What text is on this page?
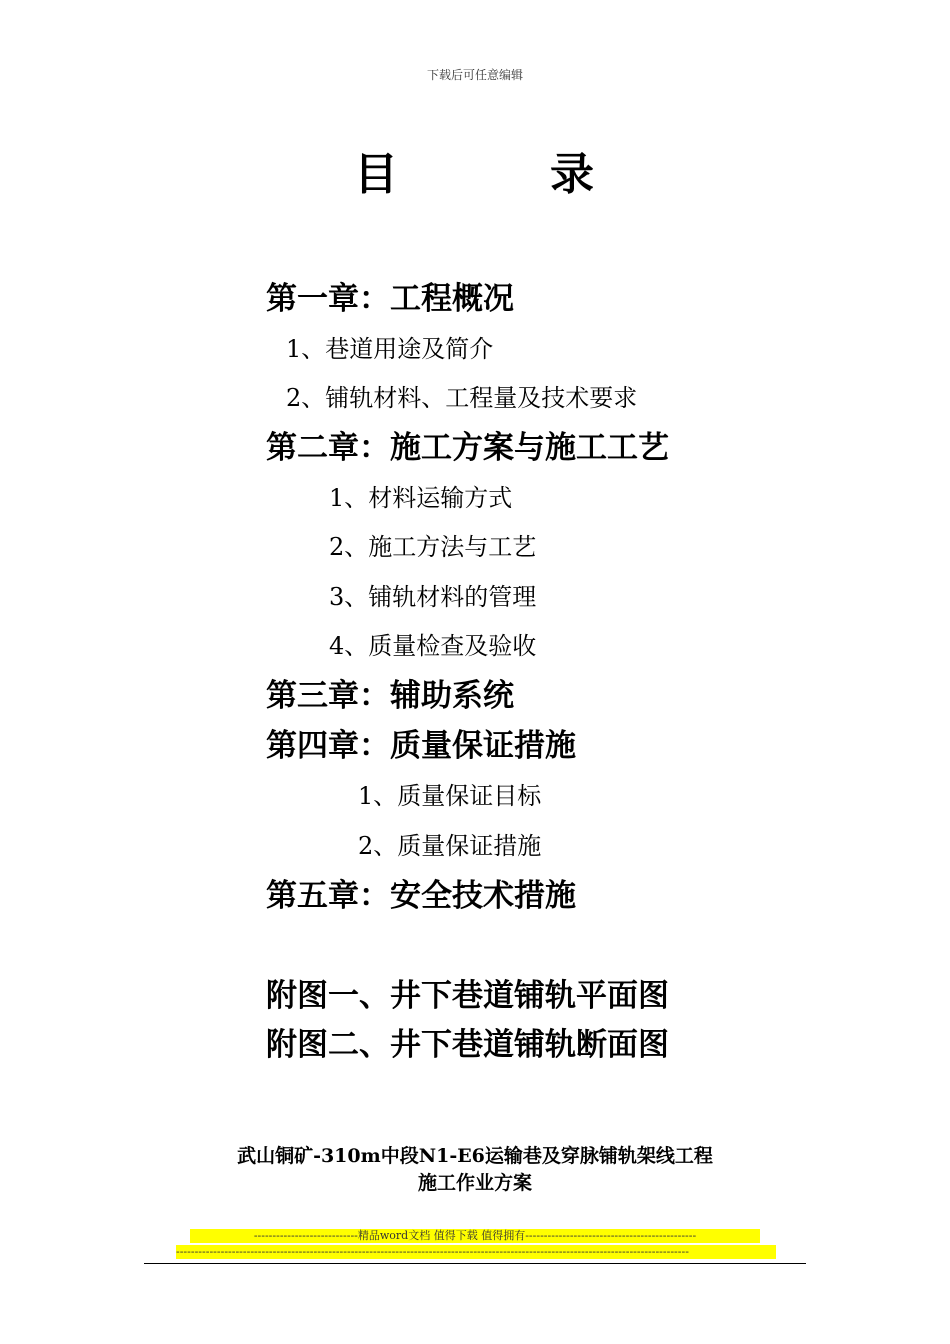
下载后可任意编辑
目	录
第一章：工程概况
1、巷道用途及简介
2、铺轨材料、工程量及技术要求
第二章：施工方案与施工工艺
1、材料运输方式
2、施工方法与工艺
3、铺轨材料的管理
4、质量检查及验收
第三章：辅助系统
第四章：质量保证措施
1、质量保证目标
2、质量保证措施
第五章：安全技术措施
附图一、井下巷道铺轨平面图
附图二、井下巷道铺轨断面图
武山铜矿-310m中段N1-E6运输巷及穿脉铺轨架线工程
施工作业方案
----------------------------精品word文档 值得下载 值得拥有----------------------------------------------
------------------------------------------------------------------------------------------------------------------------------------------
